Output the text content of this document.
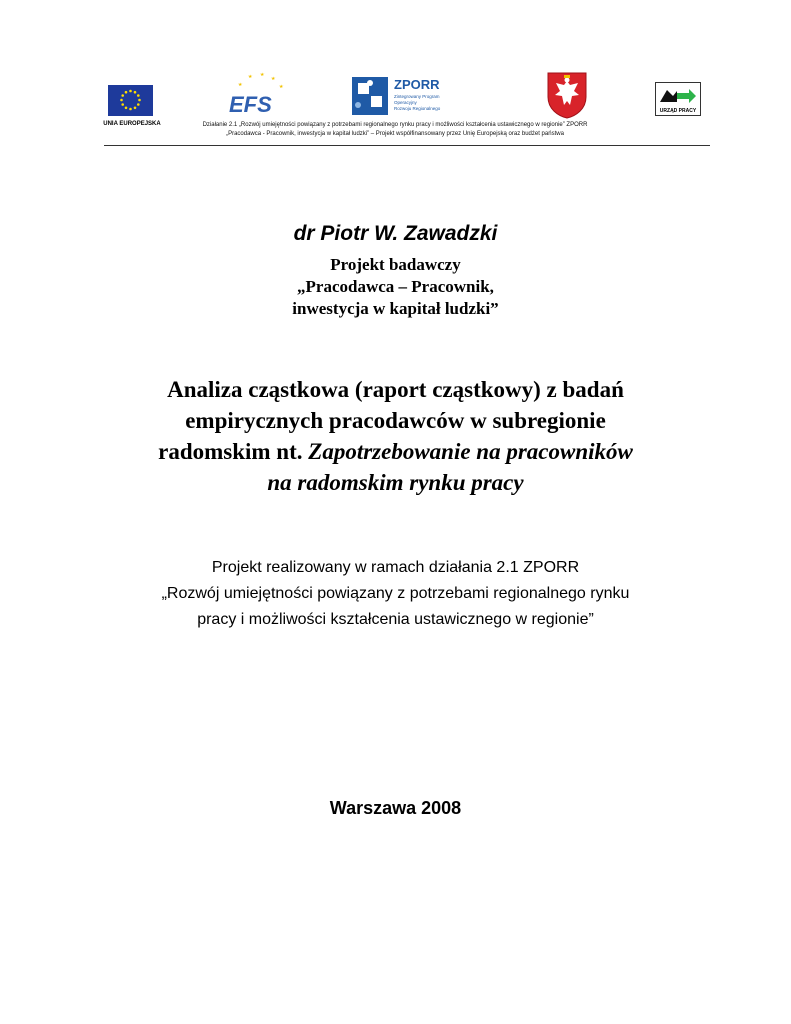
UNIA EUROPEJSKA
EFS
ZPORR
Zintegrowany Program
Operacyjny
Rozwoju Regionalnego	URZĄD PRACY
Działanie 2.1 „Rozwój umiejętności powiązany z potrzebami regionalnego rynku pracy i możliwości kształcenia ustawicznego w regionie” ZPORR
„Pracodawca - Pracownik, inwestycja w kapitał ludzki” – Projekt współfinansowany przez Unię Europejską oraz budżet państwa
dr Piotr W. Zawadzki
Projekt badawczy
„Pracodawca – Pracownik,
inwestycja w kapitał ludzki”
Analiza cząstkowa (raport cząstkowy) z badań
empirycznych pracodawców w subregionie
radomskim nt. Zapotrzebowanie na pracowników
na radomskim rynku pracy
Projekt realizowany w ramach działania 2.1 ZPORR
„Rozwój umiejętności powiązany z potrzebami regionalnego rynku
pracy i możliwości kształcenia ustawicznego w regionie”
Warszawa 2008
